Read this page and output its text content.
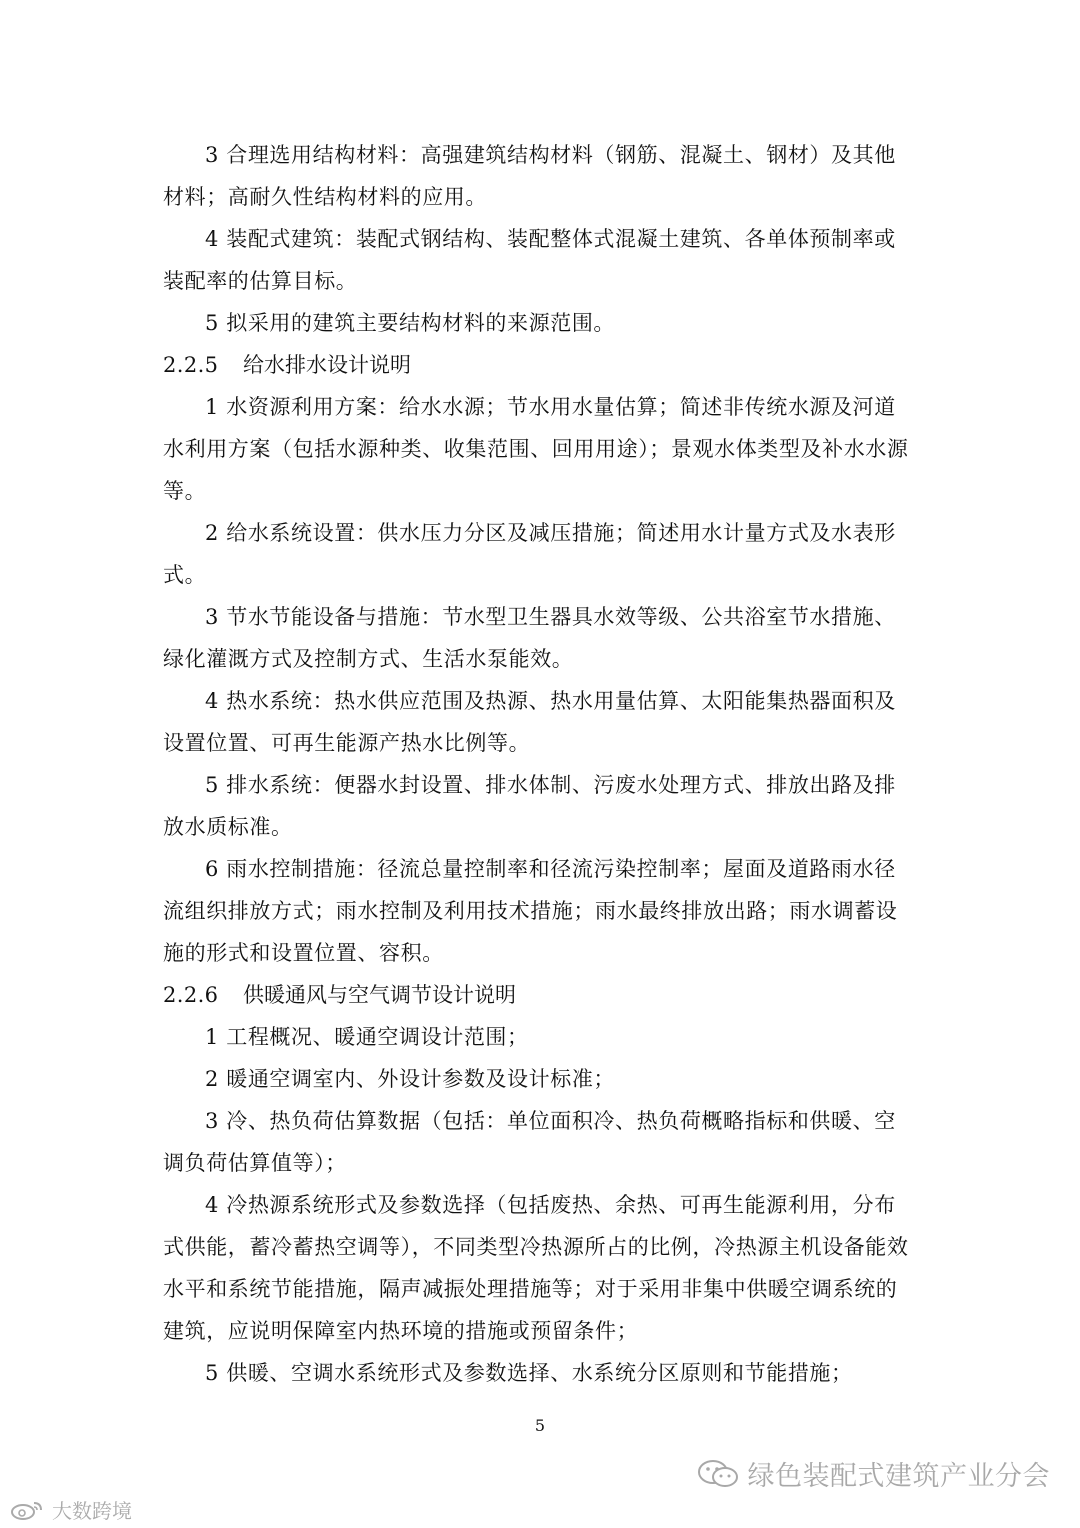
3 合理选用结构材料：高强建筑结构材料（钢筋、混凝土、钢材）及其他材料；高耐久性结构材料的应用。

4 装配式建筑：装配式钢结构、装配整体式混凝土建筑、各单体预制率或装配率的估算目标。

5 拟采用的建筑主要结构材料的来源范围。

2.2.5	给水排水设计说明

1 水资源利用方案：给水水源；节水用水量估算；简述非传统水源及河道水利用方案（包括水源种类、收集范围、回用用途）；景观水体类型及补水水源等。

2 给水系统设置：供水压力分区及减压措施；简述用水计量方式及水表形式。

3 节水节能设备与措施：节水型卫生器具水效等级、公共浴室节水措施、绿化灌溉方式及控制方式、生活水泵能效。

4 热水系统：热水供应范围及热源、热水用量估算、太阳能集热器面积及设置位置、可再生能源产热水比例等。

5 排水系统：便器水封设置、排水体制、污废水处理方式、排放出路及排放水质标准。

6 雨水控制措施：径流总量控制率和径流污染控制率；屋面及道路雨水径流组织排放方式；雨水控制及利用技术措施；雨水最终排放出路；雨水调蓄设施的形式和设置位置、容积。

2.2.6	供暖通风与空气调节设计说明

1 工程概况、暖通空调设计范围；

2 暖通空调室内、外设计参数及设计标准；

3 冷、热负荷估算数据（包括：单位面积冷、热负荷概略指标和供暖、空调负荷估算值等）；

4 冷热源系统形式及参数选择（包括废热、余热、可再生能源利用，分布式供能，蓄冷蓄热空调等），不同类型冷热源所占的比例，冷热源主机设备能效水平和系统节能措施，隔声减振处理措施等；对于采用非集中供暖空调系统的建筑，应说明保障室内热环境的措施或预留条件；

5 供暖、空调水系统形式及参数选择、水系统分区原则和节能措施；

5
绿色装配式建筑产业分会
大数跨境
